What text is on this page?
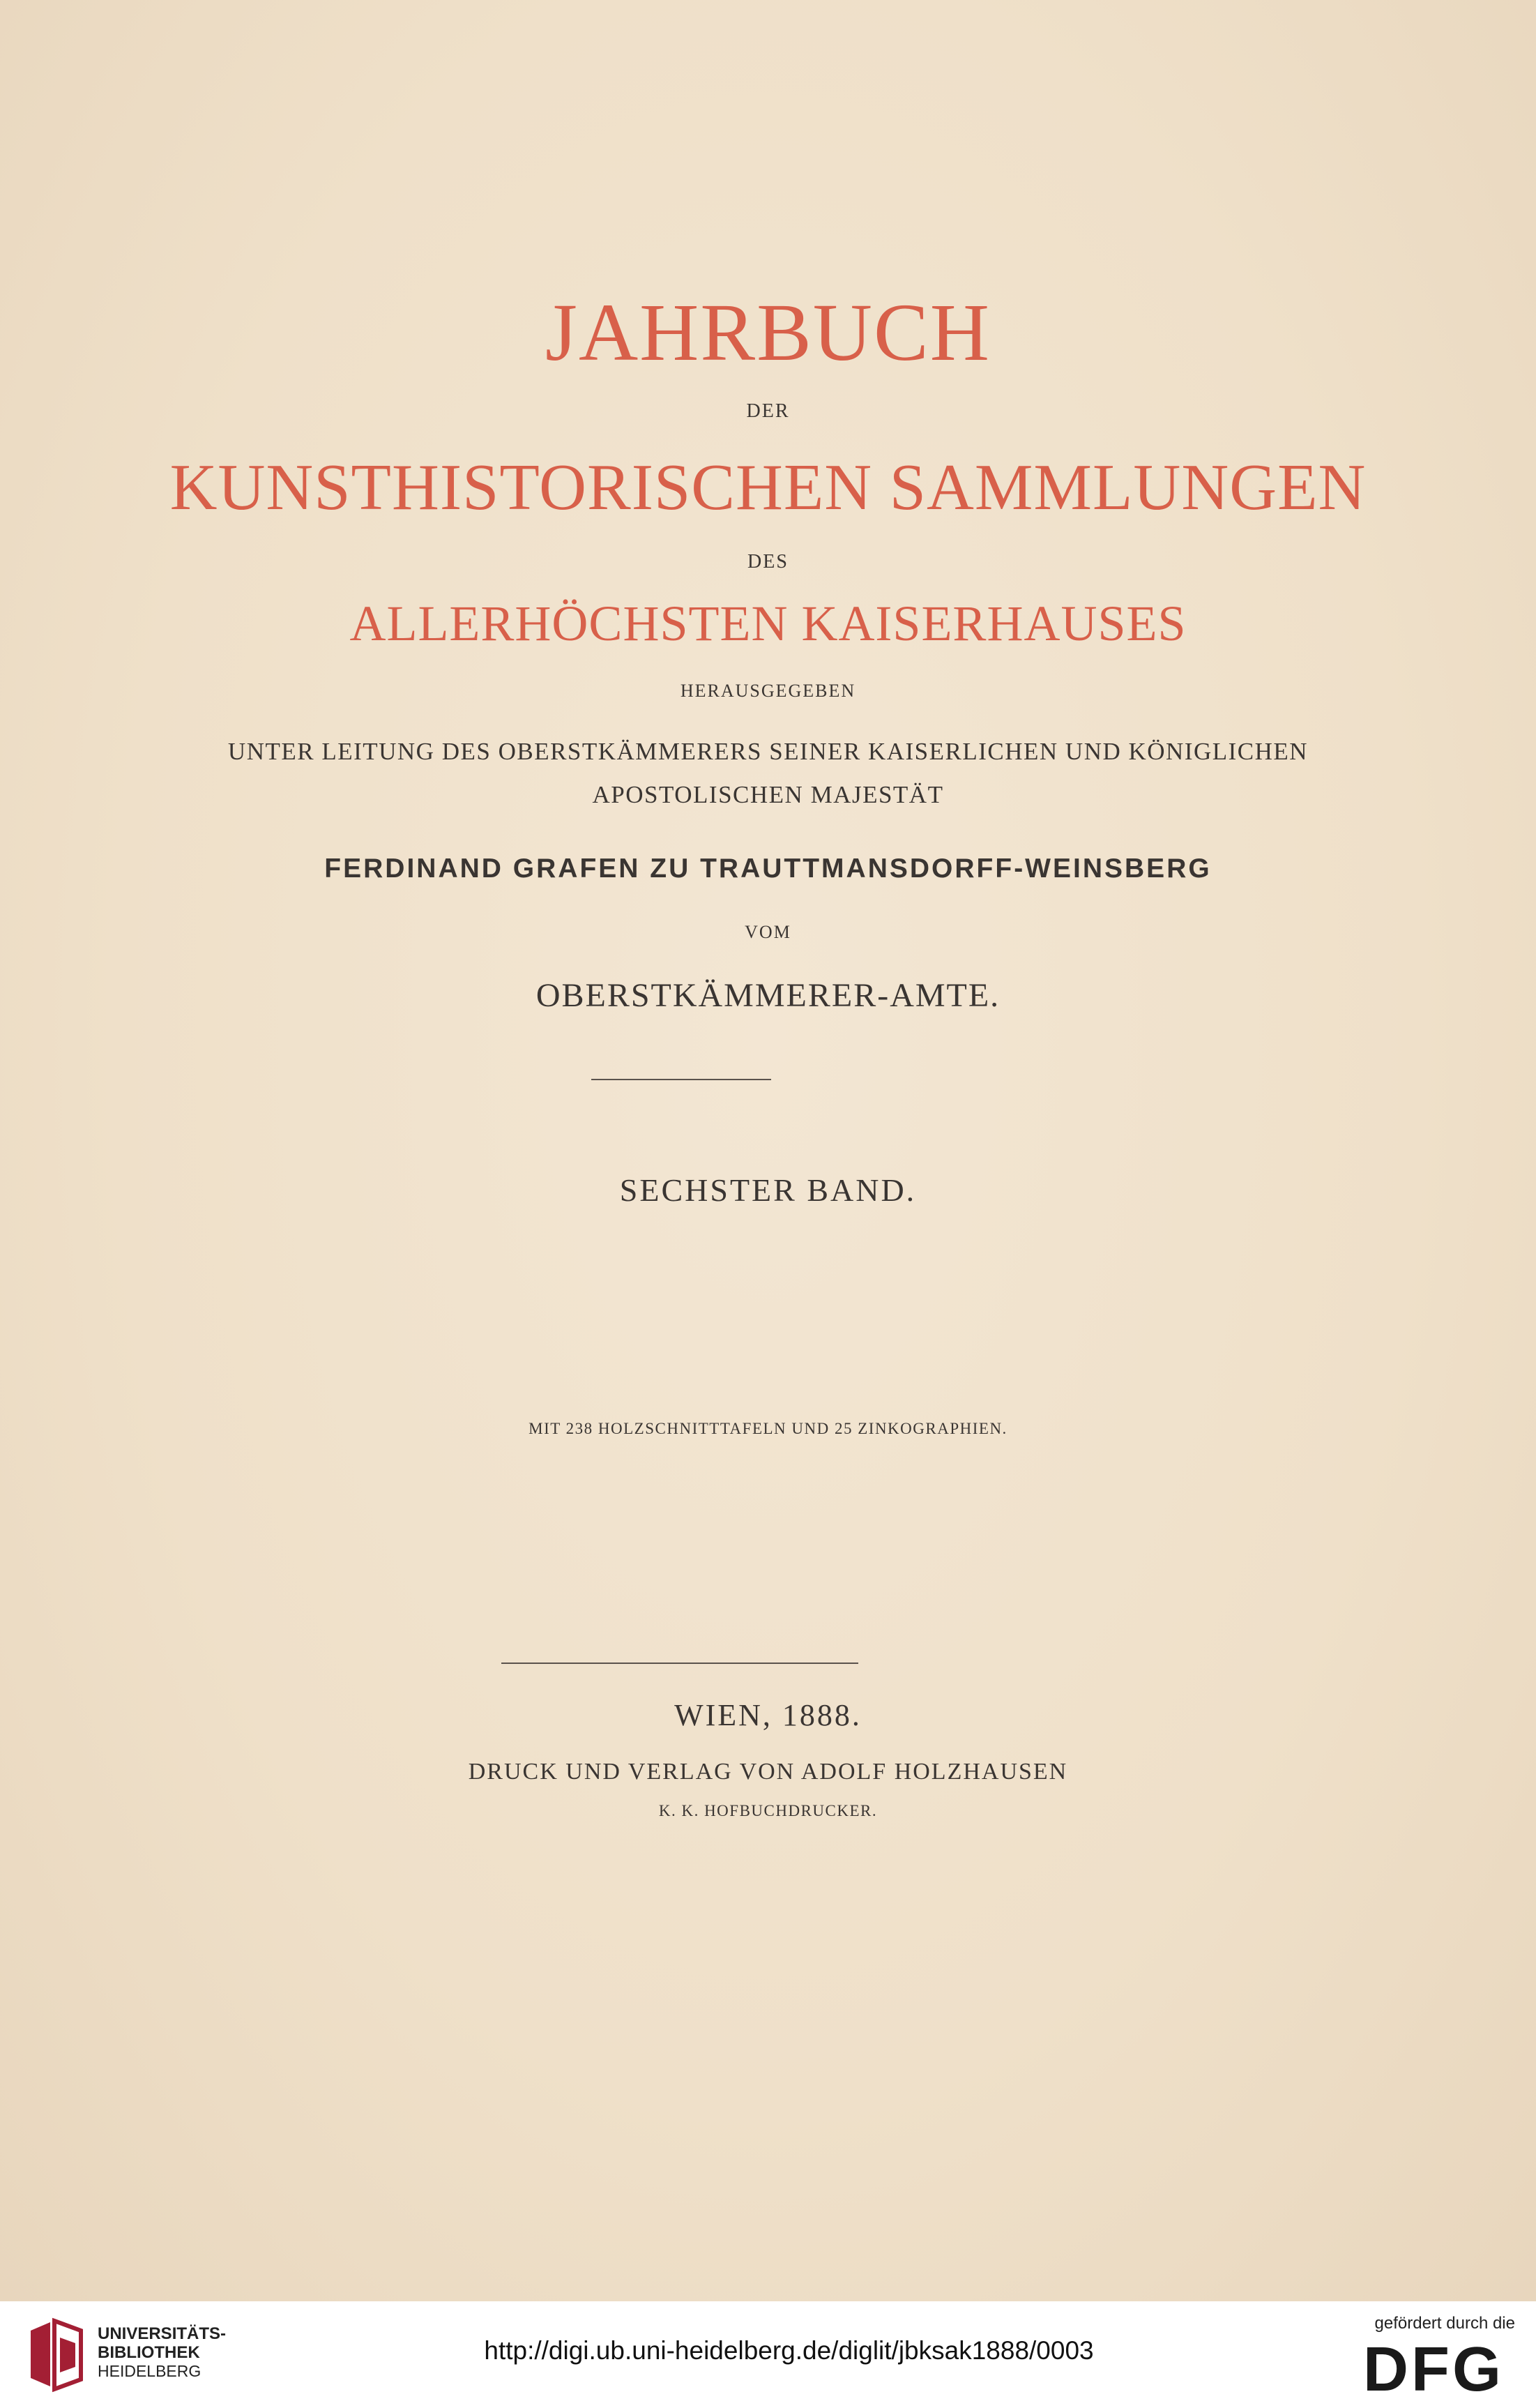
JAHRBUCH
DER
KUNSTHISTORISCHEN SAMMLUNGEN
DES
ALLERHÖCHSTEN KAISERHAUSES
HERAUSGEGEBEN
UNTER LEITUNG DES OBERSTKÄMMERERS SEINER KAISERLICHEN UND KÖNIGLICHEN
APOSTOLISCHEN MAJESTÄT
FERDINAND GRAFEN ZU TRAUTTMANSDORFF-WEINSBERG
VOM
OBERSTKÄMMERER-AMTE.
SECHSTER BAND.
MIT 238 HOLZSCHNITTTAFELN UND 25 ZINKOGRAPHIEN.
WIEN, 1888.
DRUCK UND VERLAG VON ADOLF HOLZHAUSEN
K. K. HOFBUCHDRUCKER.
UNIVERSITÄTS-
BIBLIOTHEK
HEIDELBERG
http://digi.ub.uni-heidelberg.de/diglit/jbksak1888/0003
gefördert durch die
DFG
